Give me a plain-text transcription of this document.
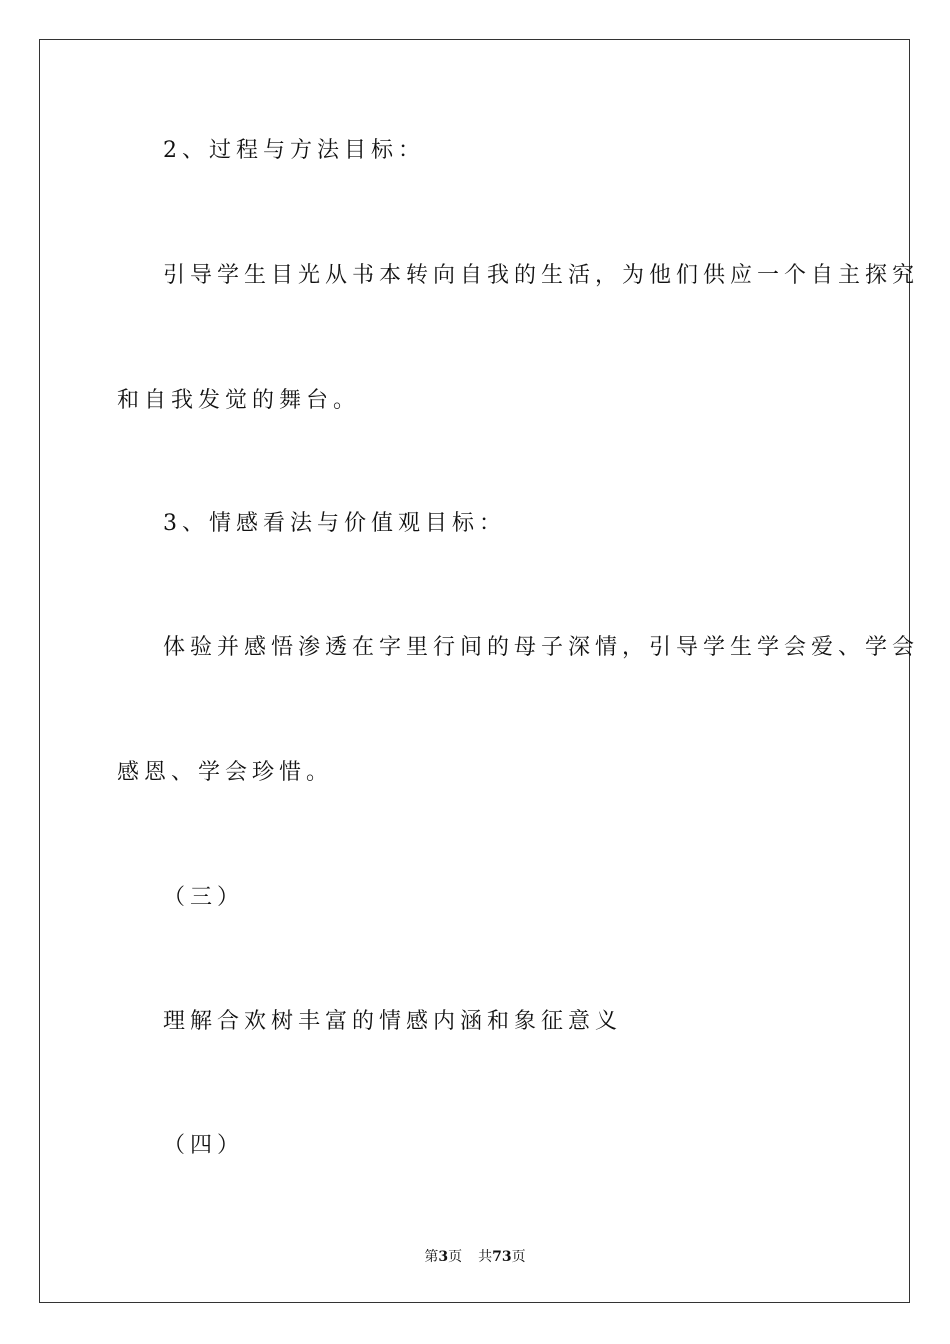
2、过程与方法目标：
引导学生目光从书本转向自我的生活，为他们供应一个自主探究
和自我发觉的舞台。
3、情感看法与价值观目标：
体验并感悟渗透在字里行间的母子深情，引导学生学会爱、学会
感恩、学会珍惜。
（三）
理解合欢树丰富的情感内涵和象征意义
（四）
第3页 共73页
